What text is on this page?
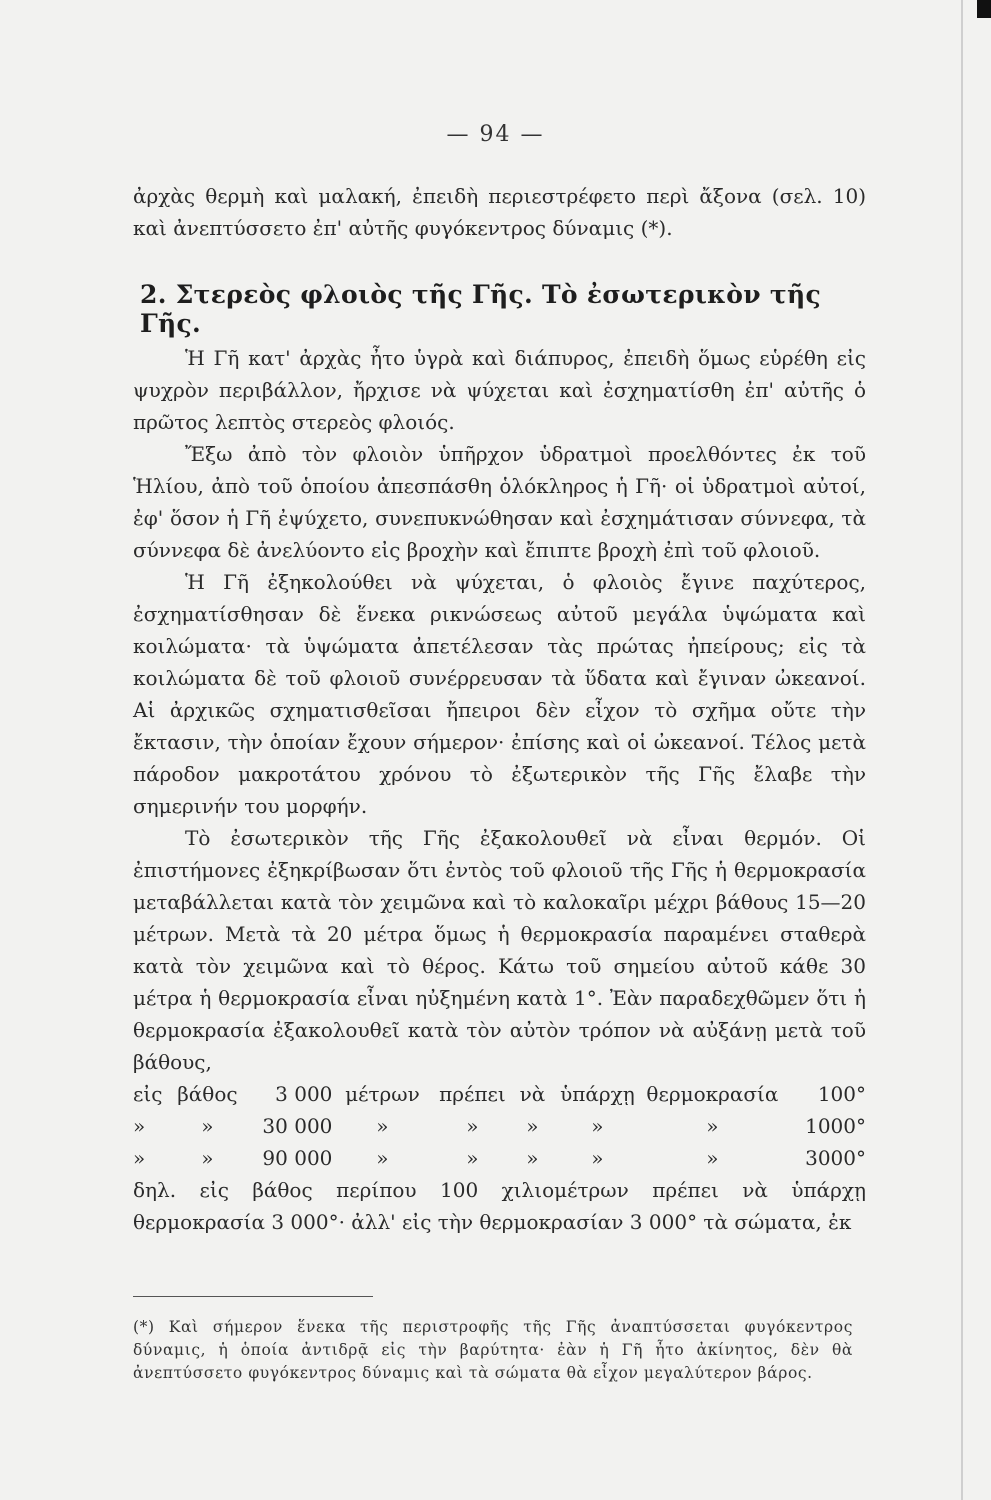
— 94 —
ἀρχὰς θερμὴ καὶ μαλακή, ἐπειδὴ περιεστρέφετο περὶ ἄξονα (σελ. 10) καὶ ἀνεπτύσσετο ἐπ' αὐτῆς φυγόκεντρος δύναμις (*).
2. Στερεὸς φλοιὸς τῆς Γῆς. Τὸ ἐσωτερικὸν τῆς Γῆς.

Ἡ Γῆ κατ' ἀρχὰς ἦτο ὑγρὰ καὶ διάπυρος, ἐπειδὴ ὅμως εὑρέθη εἰς ψυχρὸν περιβάλλον, ἤρχισε νὰ ψύχεται καὶ ἐσχηματίσθη ἐπ' αὐτῆς ὁ πρῶτος λεπτὸς στερεὸς φλοιός.

Ἔξω ἀπὸ τὸν φλοιὸν ὑπῆρχον ὑδρατμοὶ προελθόντες ἐκ τοῦ Ἡλίου, ἀπὸ τοῦ ὁποίου ἀπεσπάσθη ὁλόκληρος ἡ Γῆ· οἱ ὑδρατμοὶ αὐτοί, ἐφ' ὅσον ἡ Γῆ ἐψύχετο, συνεπυκνώθησαν καὶ ἐσχημάτισαν σύννεφα, τὰ σύννεφα δὲ ἀνελύοντο εἰς βροχὴν καὶ ἔπιπτε βροχὴ ἐπὶ τοῦ φλοιοῦ.

Ἡ Γῆ ἐξηκολούθει νὰ ψύχεται, ὁ φλοιὸς ἔγινε παχύτερος, ἐσχηματίσθησαν δὲ ἕνεκα ρικνώσεως αὐτοῦ μεγάλα ὑψώματα καὶ κοιλώματα· τὰ ὑψώματα ἀπετέλεσαν τὰς πρώτας ἠπείρους; εἰς τὰ κοιλώματα δὲ τοῦ φλοιοῦ συνέρρευσαν τὰ ὕδατα καὶ ἔγιναν ὠκεανοί. Αἱ ἀρχικῶς σχηματισθεῖσαι ἤπειροι δὲν εἶχον τὸ σχῆμα οὔτε τὴν ἔκτασιν, τὴν ὁποίαν ἔχουν σήμερον· ἐπίσης καὶ οἱ ὠκεανοί. Τέλος μετὰ πάροδον μακροτάτου χρόνου τὸ ἐξωτερικὸν τῆς Γῆς ἔλαβε τὴν σημερινήν του μορφήν.

Τὸ ἐσωτερικὸν τῆς Γῆς ἐξακολουθεῖ νὰ εἶναι θερμόν. Οἱ ἐπιστήμονες ἐξηκρίβωσαν ὅτι ἐντὸς τοῦ φλοιοῦ τῆς Γῆς ἡ θερμοκρασία μεταβάλλεται κατὰ τὸν χειμῶνα καὶ τὸ καλοκαῖρι μέχρι βάθους 15—20 μέτρων. Μετὰ τὰ 20 μέτρα ὅμως ἡ θερμοκρασία παραμένει σταθερὰ κατὰ τὸν χειμῶνα καὶ τὸ θέρος. Κάτω τοῦ σημείου αὐτοῦ κάθε 30 μέτρα ἡ θερμοκρασία εἶναι ηὐξημένη κατὰ 1°. Ἐὰν παραδεχθῶμεν ὅτι ἡ θερμοκρασία ἐξακολουθεῖ κατὰ τὸν αὐτὸν τρόπον νὰ αὐξάνῃ μετὰ τοῦ βάθους,

εἰς	βάθος	3 000	μέτρων	πρέπει	νὰ	ὑπάρχῃ	θερμοκρασία	100°
»	»	30 000	»	»	»	»	»	1000°
»	»	90 000	»	»	»	»	»	3000°

δηλ. εἰς βάθος περίπου 100 χιλιομέτρων πρέπει νὰ ὑπάρχῃ θερμοκρασία 3 000°· ἀλλ' εἰς τὴν θερμοκρασίαν 3 000° τὰ σώματα, ἐκ

(*) Καὶ σήμερον ἕνεκα τῆς περιστροφῆς τῆς Γῆς ἀναπτύσσεται φυγόκεντρος δύναμις, ἡ ὁποία ἀντιδρᾷ εἰς τὴν βαρύτητα· ἐὰν ἡ Γῆ ἦτο ἀκίνητος, δὲν θὰ ἀνεπτύσσετο φυγόκεντρος δύναμις καὶ τὰ σώματα θὰ εἶχον μεγαλύτερον βάρος.
